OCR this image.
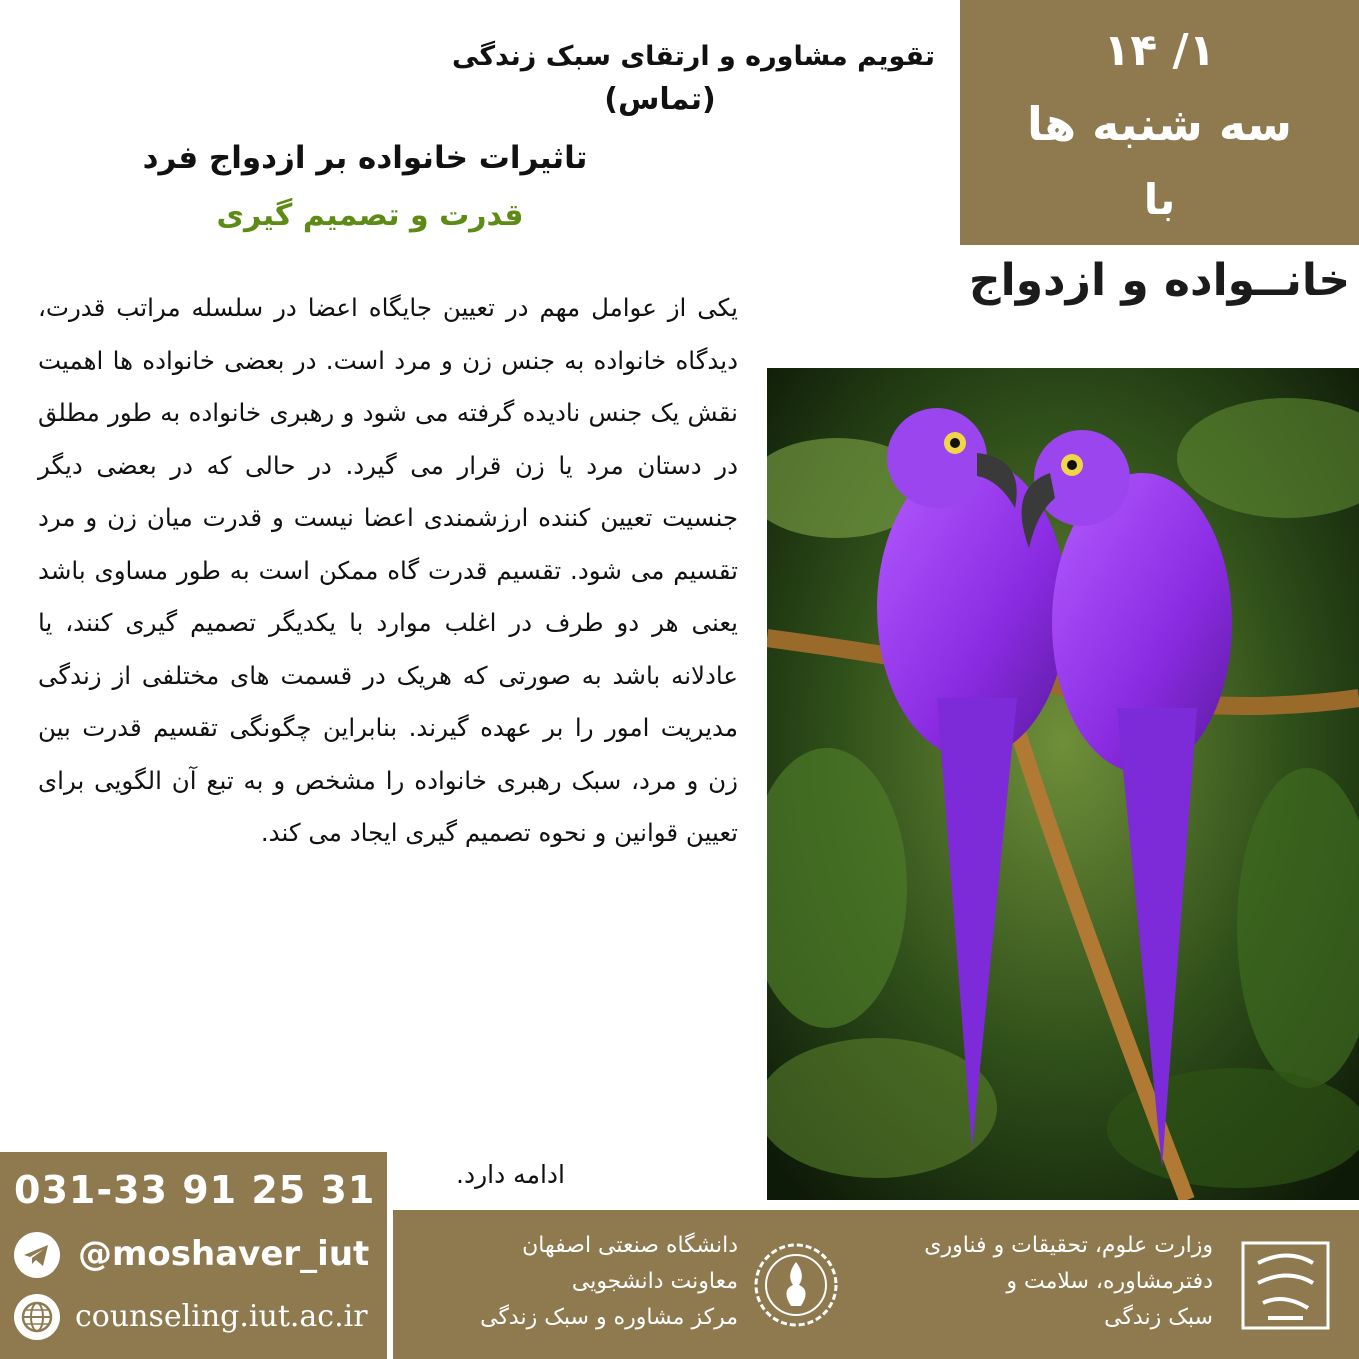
۱/ ۱۴
سه شنبه ها
با
خانــواده و ازدواج
تقویم مشاوره و ارتقای سبک زندگی
(تماس)
تاثیرات خانواده بر ازدواج فرد
قدرت و تصمیم گیری
یکی از عوامل مهم در تعیین جایگاه اعضا در سلسله مراتب قدرت، دیدگاه خانواده به جنس زن و مرد است. در بعضی خانواده ها اهمیت نقش یک جنس نادیده گرفته می شود و رهبری خانواده به طور مطلق در دستان مرد یا زن قرار می گیرد. در حالی که در بعضی دیگر جنسیت تعیین کننده ارزشمندی اعضا نیست و قدرت میان زن و مرد تقسیم می شود. تقسیم قدرت گاه ممکن است به طور مساوی باشد یعنی هر دو طرف در اغلب موارد با یکدیگر تصمیم گیری کنند، یا عادلانه باشد به صورتی که هریک در قسمت های مختلفی از زندگی مدیریت امور را بر عهده گیرند. بنابراین چگونگی تقسیم قدرت بین زن و مرد، سبک رهبری خانواده را مشخص و به تبع آن الگویی برای تعیین قوانین و نحوه تصمیم گیری ایجاد می کند.
ادامه دارد.
031-33 91 25 31
@moshaver_iut
counseling.iut.ac.ir
دانشگاه صنعتی اصفهان
معاونت دانشجویی
مرکز مشاوره و سبک زندگی
وزارت علوم، تحقیقات و فناوری
دفترمشاوره، سلامت و
سبک زندگی
